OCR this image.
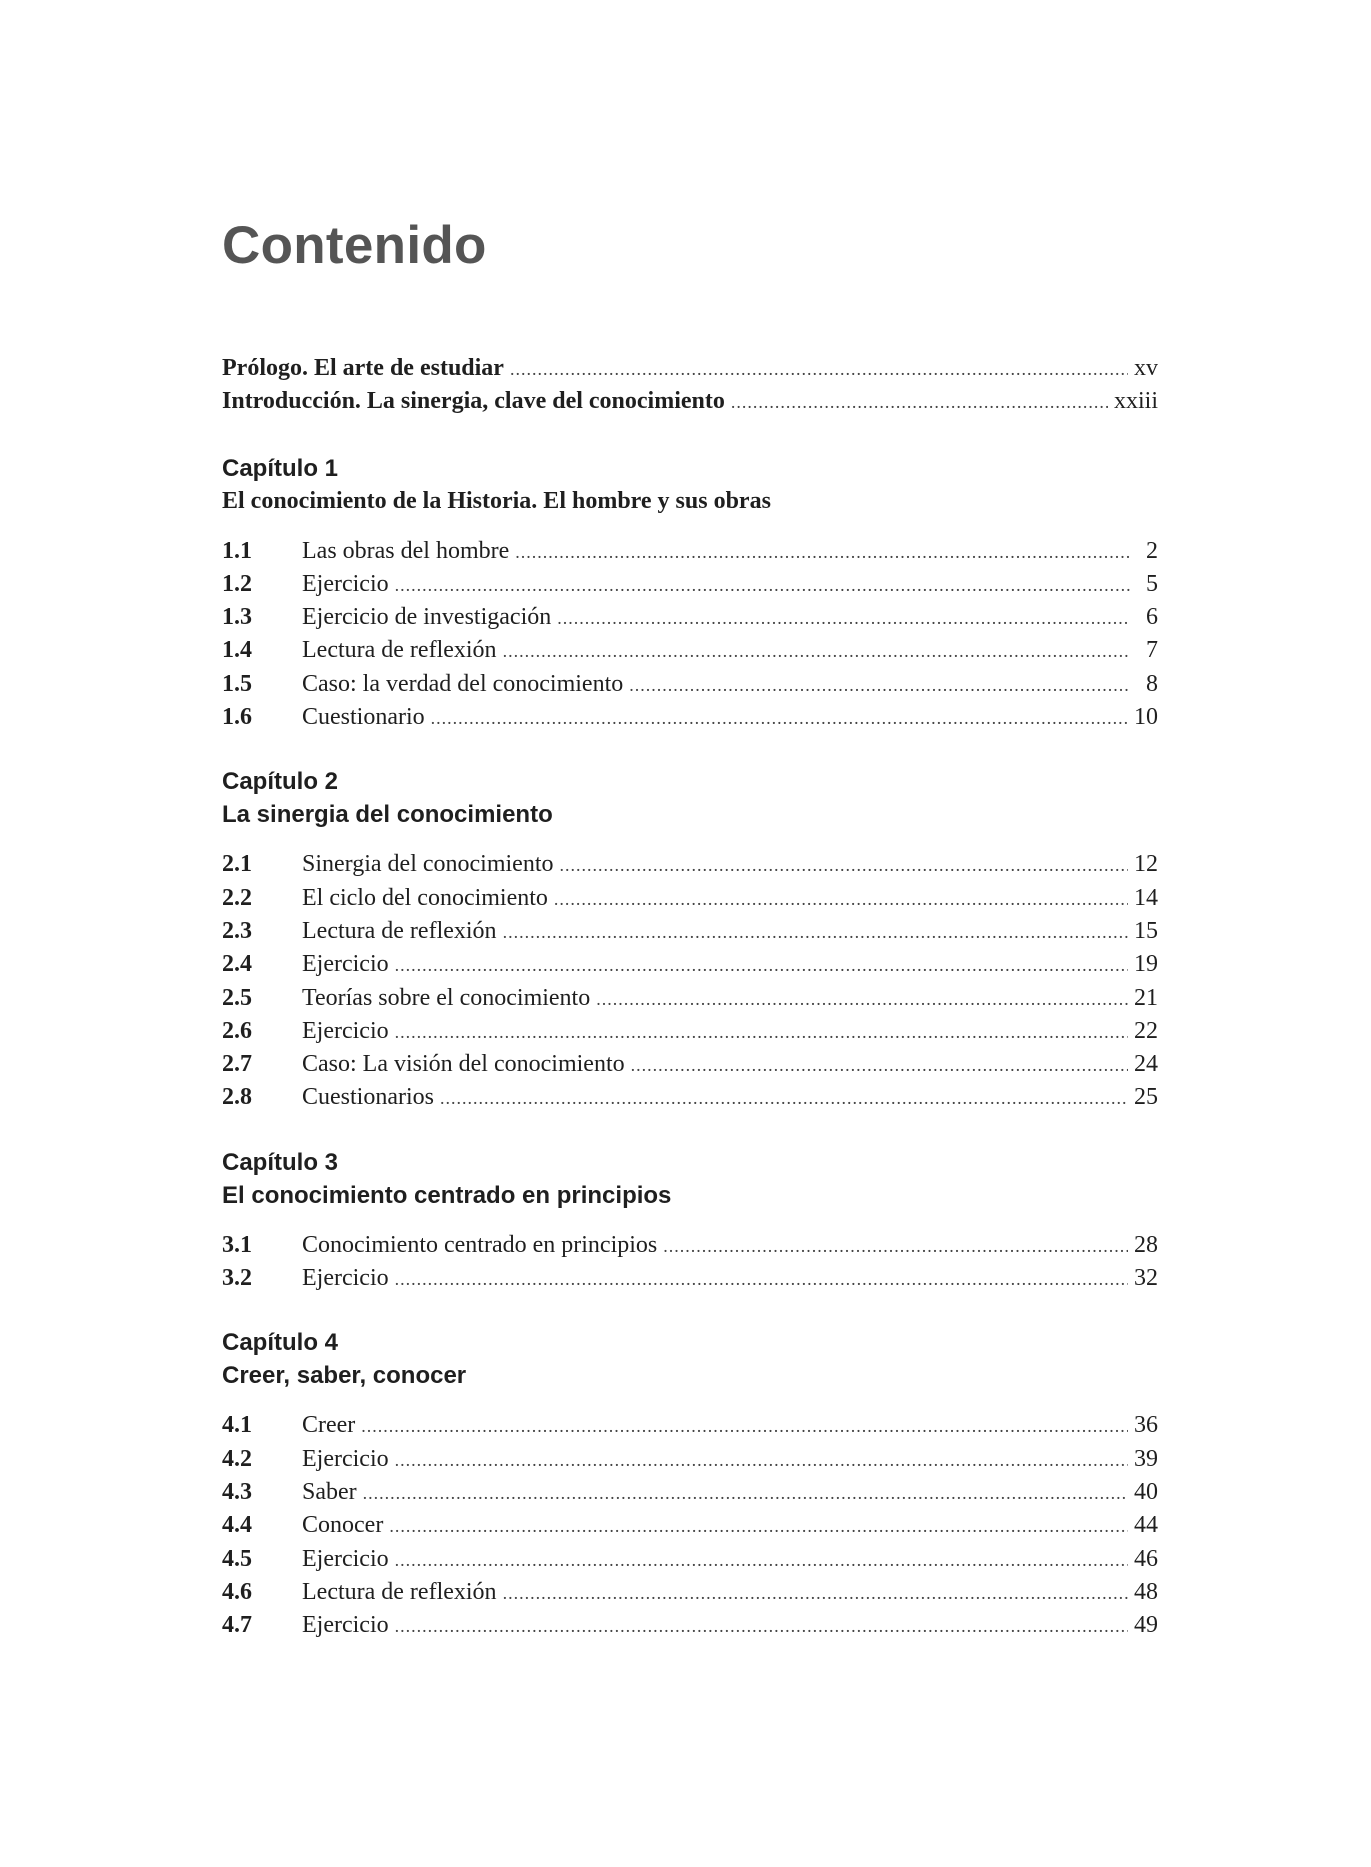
Contenido
Prólogo. El arte de estudiar .....	xv
Introducción. La sinergia, clave del conocimiento .....	xxiii
Capítulo 1
El conocimiento de la Historia. El hombre y sus obras
1.1	Las obras del hombre .....	2
1.2	Ejercicio .....	5
1.3	Ejercicio de investigación .....	6
1.4	Lectura de reflexión .....	7
1.5	Caso: la verdad del conocimiento .....	8
1.6	Cuestionario .....	10
Capítulo 2
La sinergia del conocimiento
2.1	Sinergia del conocimiento .....	12
2.2	El ciclo del conocimiento .....	14
2.3	Lectura de reflexión .....	15
2.4	Ejercicio .....	19
2.5	Teorías sobre el conocimiento .....	21
2.6	Ejercicio .....	22
2.7	Caso: La visión del conocimiento .....	24
2.8	Cuestionarios .....	25
Capítulo 3
El conocimiento centrado en principios
3.1	Conocimiento centrado en principios .....	28
3.2	Ejercicio .....	32
Capítulo 4
Creer, saber, conocer
4.1	Creer .....	36
4.2	Ejercicio .....	39
4.3	Saber .....	40
4.4	Conocer .....	44
4.5	Ejercicio .....	46
4.6	Lectura de reflexión .....	48
4.7	Ejercicio .....	49
